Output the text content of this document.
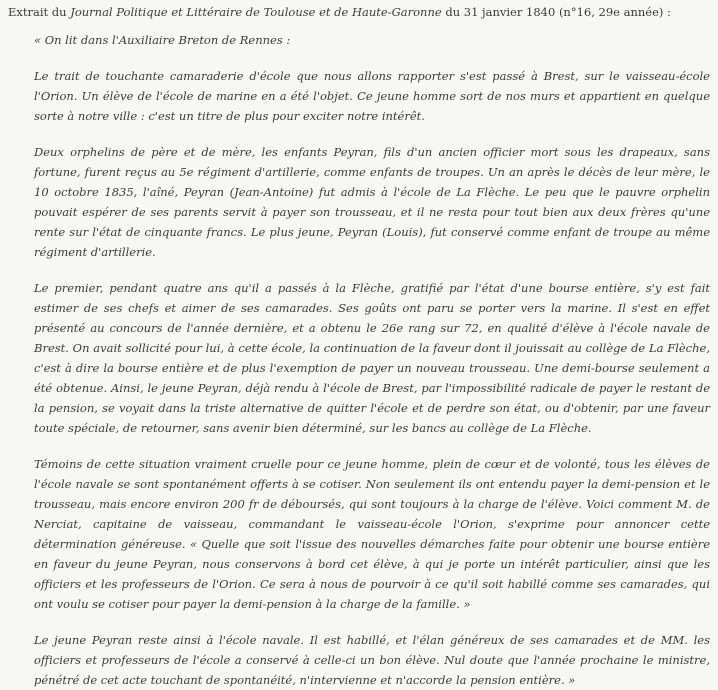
Extrait du Journal Politique et Littéraire de Toulouse et de Haute-Garonne du 31 janvier 1840 (n°16, 29e année) :

« On lit dans l'Auxiliaire Breton de Rennes :

Le trait de touchante camaraderie d'école que nous allons rapporter s'est passé à Brest, sur le vaisseau-école l'Orion. Un élève de l'école de marine en a été l'objet. Ce jeune homme sort de nos murs et appartient en quelque sorte à notre ville : c'est un titre de plus pour exciter notre intérêt.

Deux orphelins de père et de mère, les enfants Peyran, fils d'un ancien officier mort sous les drapeaux, sans fortune, furent reçus au 5e régiment d'artillerie, comme enfants de troupes. Un an après le décès de leur mère, le 10 octobre 1835, l'aîné, Peyran (Jean-Antoine) fut admis à l'école de La Flèche. Le peu que le pauvre orphelin pouvait espérer de ses parents servit à payer son trousseau, et il ne resta pour tout bien aux deux frères qu'une rente sur l'état de cinquante francs. Le plus jeune, Peyran (Louis), fut conservé comme enfant de troupe au même régiment d'artillerie.

Le premier, pendant quatre ans qu'il a passés à la Flèche, gratifié par l'état d'une bourse entière, s'y est fait estimer de ses chefs et aimer de ses camarades. Ses goûts ont paru se porter vers la marine. Il s'est en effet présenté au concours de l'année dernière, et a obtenu le 26e rang sur 72, en qualité d'élève à l'école navale de Brest. On avait sollicité pour lui, à cette école, la continuation de la faveur dont il jouissait au collège de La Flèche, c'est à dire la bourse entière et de plus l'exemption de payer un nouveau trousseau. Une demi-bourse seulement a été obtenue. Ainsi, le jeune Peyran, déjà rendu à l'école de Brest, par l'impossibilité radicale de payer le restant de la pension, se voyait dans la triste alternative de quitter l'école et de perdre son état, ou d'obtenir, par une faveur toute spéciale, de retourner, sans avenir bien déterminé, sur les bancs au collège de La Flèche.

Témoins de cette situation vraiment cruelle pour ce jeune homme, plein de cœur et de volonté, tous les élèves de l'école navale se sont spontanément offerts à se cotiser. Non seulement ils ont entendu payer la demi-pension et le trousseau, mais encore environ 200 fr de déboursés, qui sont toujours à la charge de l'élève. Voici comment M. de Nerciat, capitaine de vaisseau, commandant le vaisseau-école l'Orion, s'exprime pour annoncer cette détermination généreuse. « Quelle que soit l'issue des nouvelles démarches faite pour obtenir une bourse entière en faveur du jeune Peyran, nous conservons à bord cet élève, à qui je porte un intérêt particulier, ainsi que les officiers et les professeurs de l'Orion. Ce sera à nous de pourvoir à ce qu'il soit habillé comme ses camarades, qui ont voulu se cotiser pour payer la demi-pension à la charge de la famille. »

Le jeune Peyran reste ainsi à l'école navale. Il est habillé, et l'élan généreux de ses camarades et de MM. les officiers et professeurs de l'école a conservé à celle-ci un bon élève. Nul doute que l'année prochaine le ministre, pénétré de cet acte touchant de spontanéité, n'intervienne et n'accorde la pension entière. »
